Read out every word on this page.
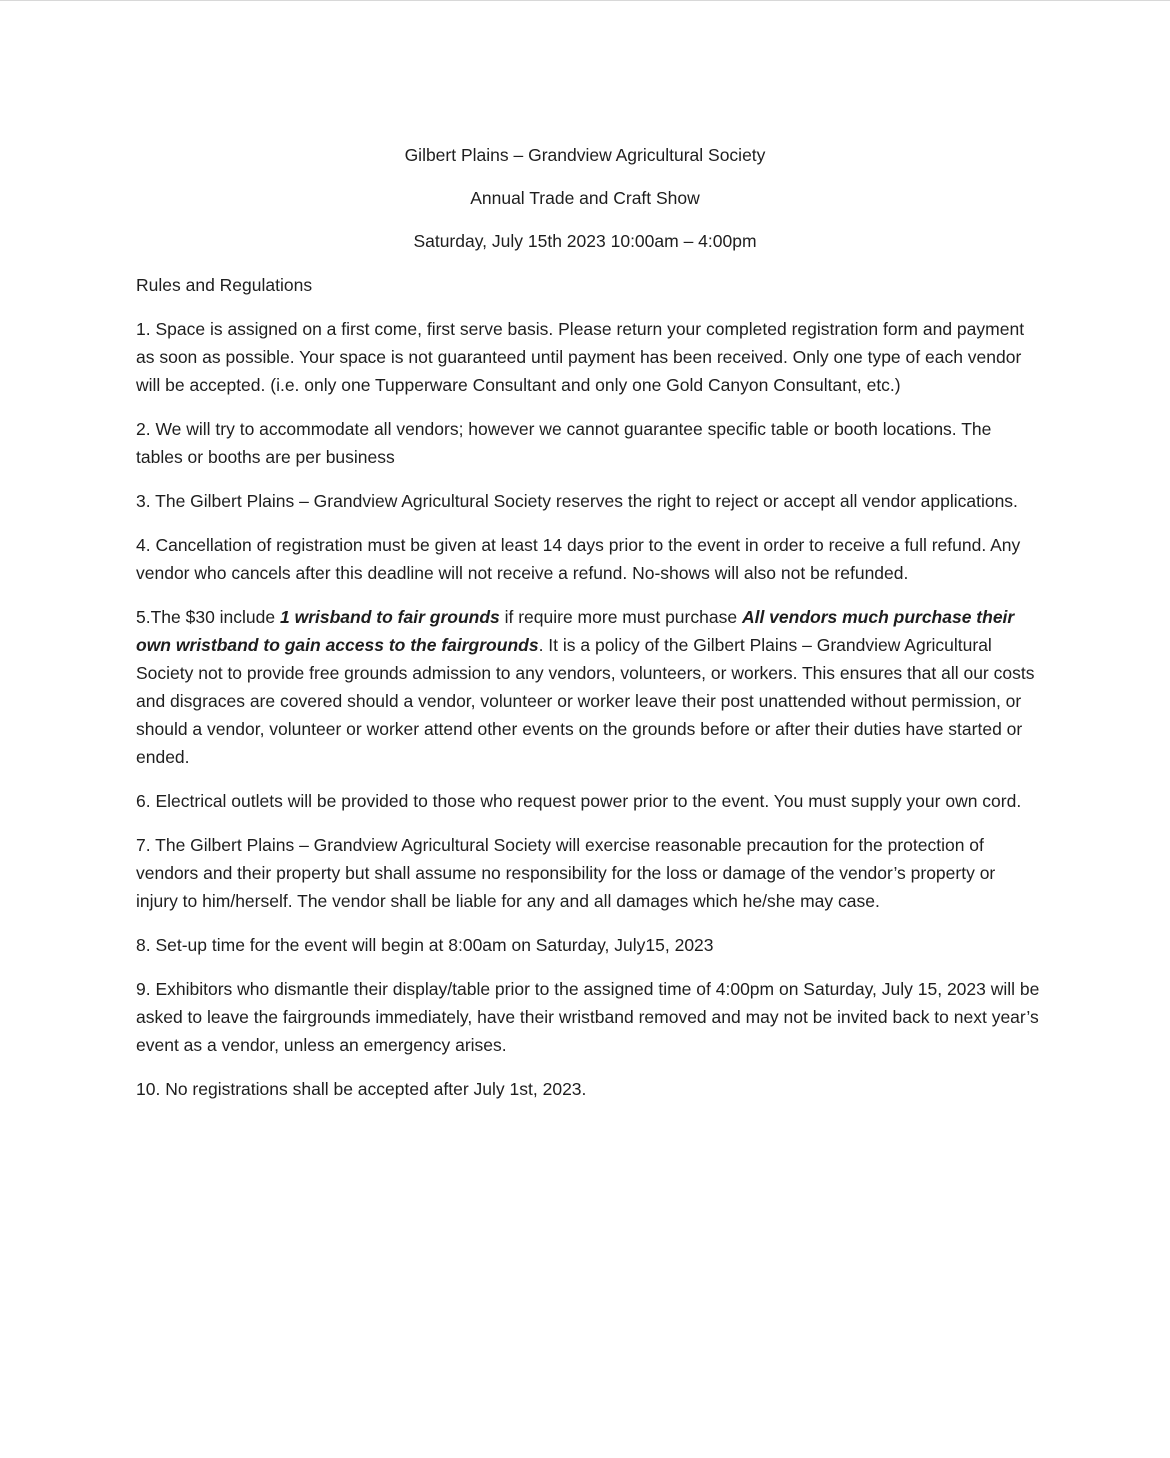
Gilbert Plains – Grandview Agricultural Society
Annual Trade and Craft Show
Saturday, July 15th 2023 10:00am – 4:00pm
Rules and Regulations
1. Space is assigned on a first come, first serve basis. Please return your completed registration form and payment as soon as possible. Your space is not guaranteed until payment has been received. Only one type of each vendor will be accepted. (i.e. only one Tupperware Consultant and only one Gold Canyon Consultant, etc.)
2. We will try to accommodate all vendors; however we cannot guarantee specific table or booth locations. The tables or booths are per business
3. The Gilbert Plains – Grandview Agricultural Society reserves the right to reject or accept all vendor applications.
4. Cancellation of registration must be given at least 14 days prior to the event in order to receive a full refund. Any vendor who cancels after this deadline will not receive a refund. No-shows will also not be refunded.
5.The $30 include 1 wrisband to fair grounds if require more must purchase All vendors much purchase their own wristband to gain access to the fairgrounds. It is a policy of the Gilbert Plains – Grandview Agricultural Society not to provide free grounds admission to any vendors, volunteers, or workers. This ensures that all our costs and disgraces are covered should a vendor, volunteer or worker leave their post unattended without permission, or should a vendor, volunteer or worker attend other events on the grounds before or after their duties have started or ended.
6. Electrical outlets will be provided to those who request power prior to the event. You must supply your own cord.
7. The Gilbert Plains – Grandview Agricultural Society will exercise reasonable precaution for the protection of vendors and their property but shall assume no responsibility for the loss or damage of the vendor’s property or injury to him/herself. The vendor shall be liable for any and all damages which he/she may case.
8. Set-up time for the event will begin at 8:00am on Saturday, July15, 2023
9. Exhibitors who dismantle their display/table prior to the assigned time of 4:00pm on Saturday, July 15, 2023 will be asked to leave the fairgrounds immediately, have their wristband removed and may not be invited back to next year’s event as a vendor, unless an emergency arises.
10. No registrations shall be accepted after July 1st, 2023.
